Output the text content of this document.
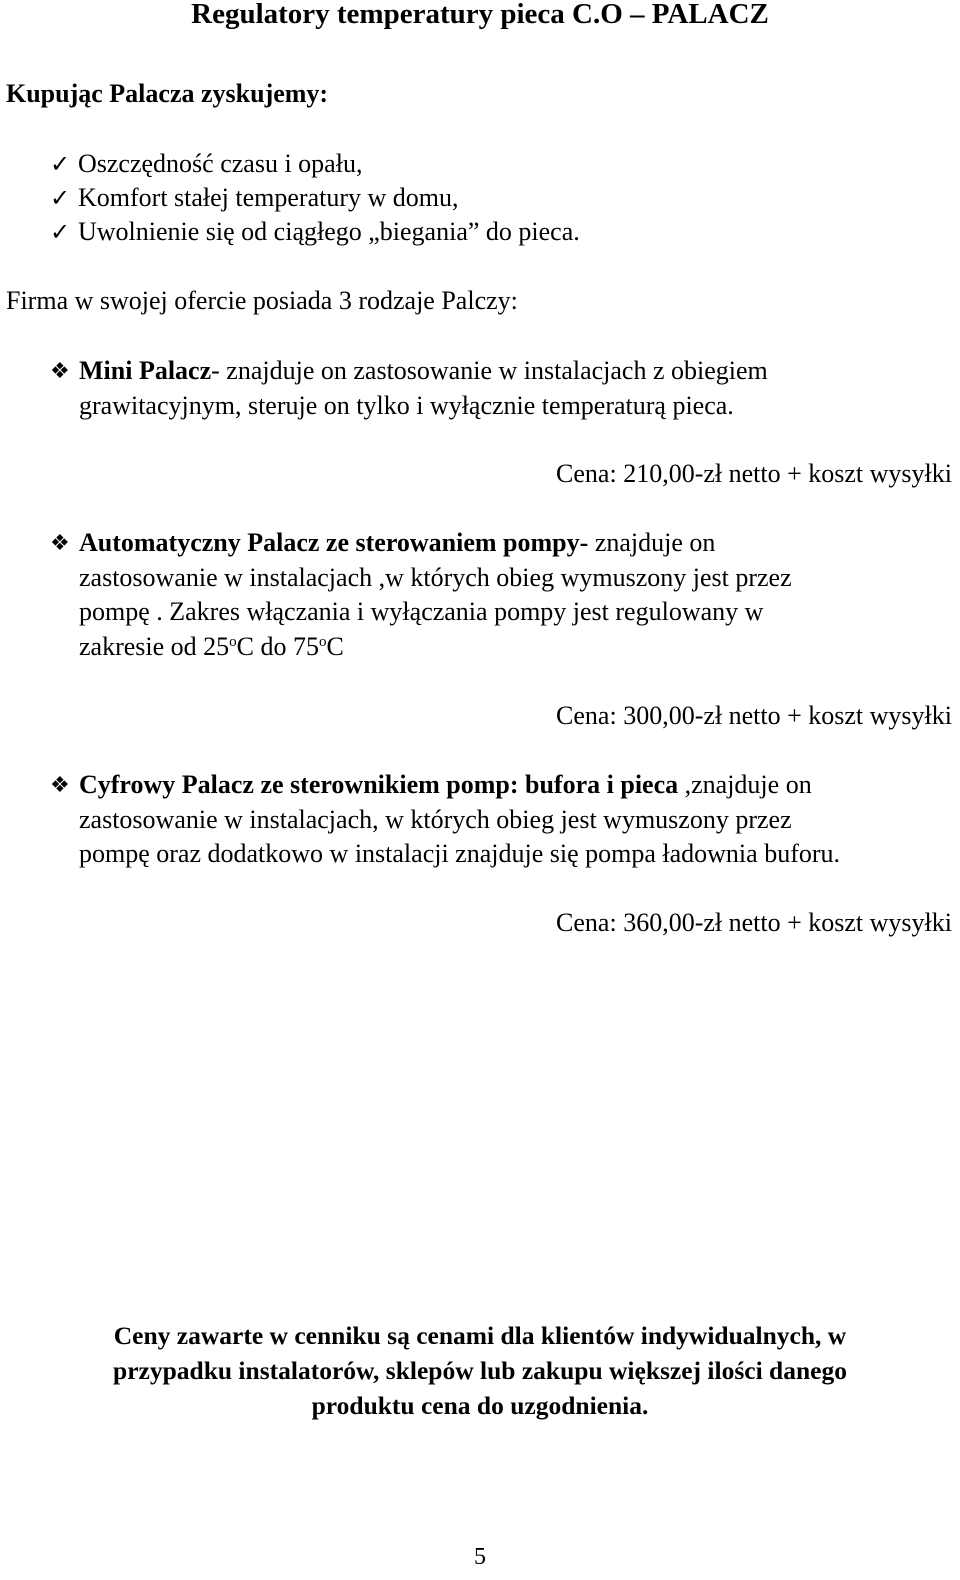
Regulatory temperatury pieca C.O – PALACZ
Kupując Palacza zyskujemy:
✓ Oszczędność czasu i opału,
✓ Komfort stałej temperatury w domu,
✓ Uwolnienie się od ciągłego „biegania” do pieca.
Firma w swojej ofercie posiada 3 rodzaje Palczy:
❖ Mini Palacz- znajduje on zastosowanie w instalacjach z obiegiem
grawitacyjnym, steruje on tylko i wyłącznie temperaturą pieca.
Cena: 210,00-zł netto + koszt wysyłki
❖ Automatyczny Palacz ze sterowaniem pompy- znajduje on
zastosowanie w instalacjach ,w których obieg wymuszony jest przez
pompę . Zakres włączania i wyłączania pompy jest regulowany w
zakresie od 25$^o$C do 75$^o$C
Cena: 300,00-zł netto + koszt wysyłki
❖ Cyfrowy Palacz ze sterownikiem pomp: bufora i pieca ,znajduje on
zastosowanie w instalacjach, w których obieg jest wymuszony przez
pompę oraz dodatkowo w instalacji znajduje się pompa ładownia buforu.
Cena: 360,00-zł netto + koszt wysyłki
Ceny zawarte w cenniku są cenami dla klientów indywidualnych, w
przypadku instalatorów, sklepów lub zakupu większej ilości danego
produktu cena do uzgodnienia.
5
